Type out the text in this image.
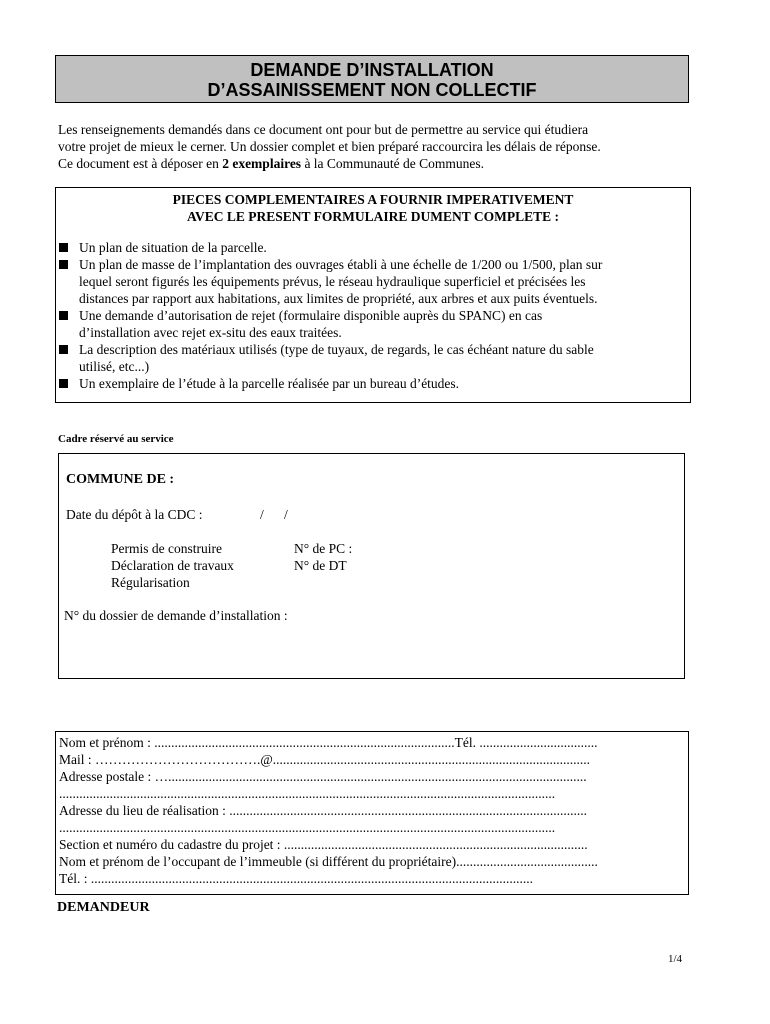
DEMANDE D’INSTALLATION
D’ASSAINISSEMENT NON COLLECTIF
Les renseignements demandés dans ce document ont pour but de permettre au service qui étudiera
votre projet de mieux le cerner. Un dossier complet et bien préparé raccourcira les délais de réponse.
Ce document est à déposer en 2 exemplaires à la Communauté de Communes.
PIECES COMPLEMENTAIRES A FOURNIR IMPERATIVEMENT
AVEC LE PRESENT FORMULAIRE DUMENT COMPLETE :
Un plan de situation de la parcelle.
Un plan de masse de l’implantation des ouvrages établi à une échelle de 1/200 ou 1/500, plan sur
lequel seront figurés les équipements prévus, le réseau hydraulique superficiel et précisées les
distances par rapport aux habitations, aux limites de propriété, aux arbres et aux puits éventuels.
Une demande d’autorisation de rejet (formulaire disponible auprès du SPANC) en cas
d’installation avec rejet ex-situ des eaux traitées.
La description des matériaux utilisés (type de tuyaux, de regards, le cas échéant nature du sable
utilisé, etc...)
Un exemplaire de l’étude à la parcelle réalisée par un bureau d’études.
Cadre réservé au service
COMMUNE DE :
Date du dépôt à la CDC :	/ /
Permis de construire
Déclaration de travaux
Régularisation
N° de PC :
N° de DT
N° du dossier de demande d’installation :
Nom et prénom : .........................................................................................Tél. ...................................
Mail : ……………………………….@..............................................................................................
Adresse postale : …............................................................................................................................
...................................................................................................................................................
Adresse du lieu de réalisation : ..........................................................................................................
...................................................................................................................................................
Section et numéro du cadastre du projet : ..........................................................................................
Nom et prénom de l’occupant de l’immeuble (si différent du propriétaire)..........................................
Tél. : ...................................................................................................................................
DEMANDEUR
1/4
